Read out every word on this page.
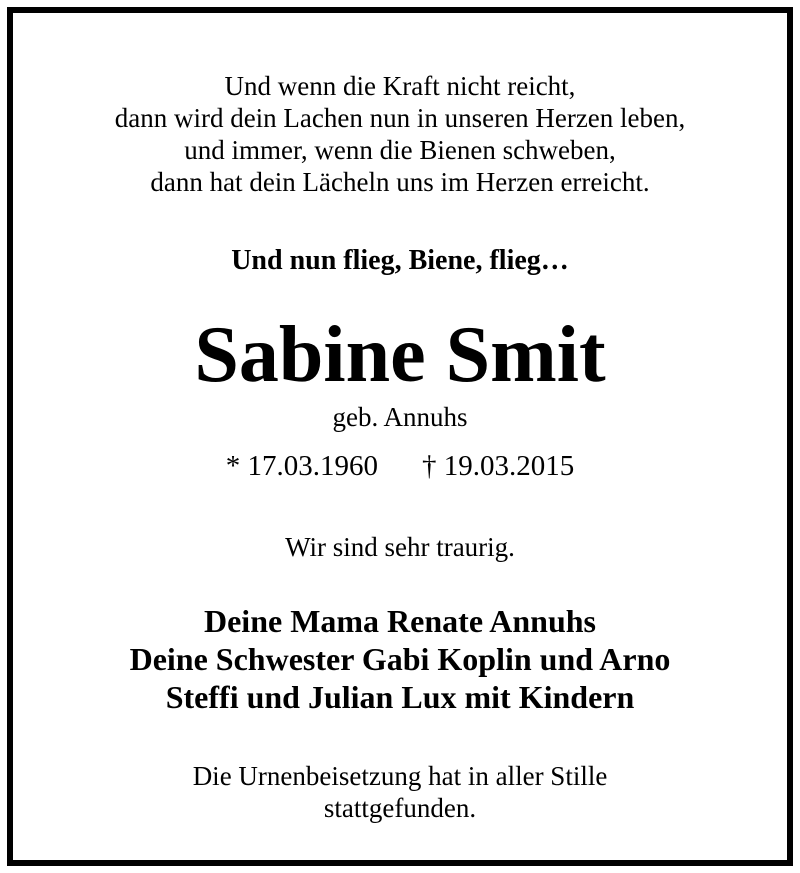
Und wenn die Kraft nicht reicht,
dann wird dein Lachen nun in unseren Herzen leben,
und immer, wenn die Bienen schweben,
dann hat dein Lächeln uns im Herzen erreicht.
Und nun flieg, Biene, flieg…
Sabine Smit
geb. Annuhs
* 17.03.1960 † 19.03.2015
Wir sind sehr traurig.
Deine Mama Renate Annuhs
Deine Schwester Gabi Koplin und Arno
Steffi und Julian Lux mit Kindern
Die Urnenbeisetzung hat in aller Stille
stattgefunden.
